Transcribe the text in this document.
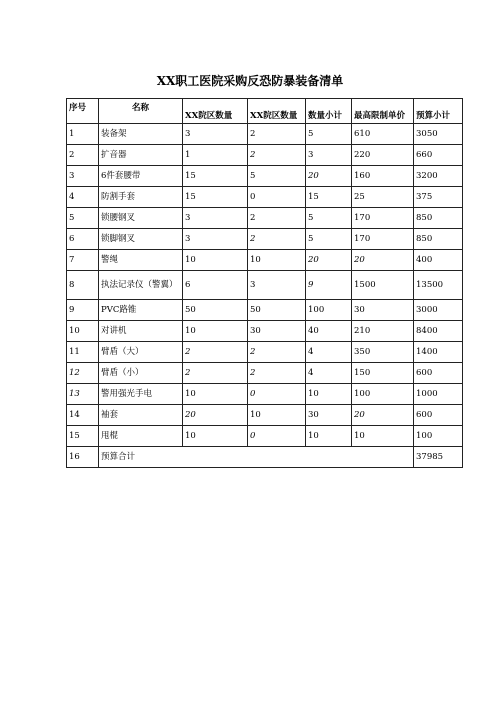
XX职工医院采购反恐防暴装备清单
序号	名称	XX院区数量	XX院区数量	数量小计	最高限制单价	预算小计
1	装备架	3	2	5	610	3050
2	扩音器	1	2	3	220	660
3	6件套腰带	15	5	20	160	3200
4	防割手套	15	0	15	25	375
5	锁腰钢叉	3	2	5	170	850
6	锁脚钢叉	3	2	5	170	850
7	警绳	10	10	20	20	400
8	执法记录仪（警翼）	6	3	9	1500	13500
9	PVC路锥	50	50	100	30	3000
10	对讲机	10	30	40	210	8400
11	臂盾（大）	2	2	4	350	1400
12	臂盾（小）	2	2	4	150	600
13	警用强光手电	10	0	10	100	1000
14	袖套	20	10	30	20	600
15	甩棍	10	0	10	10	100
16	预算合计					37985
